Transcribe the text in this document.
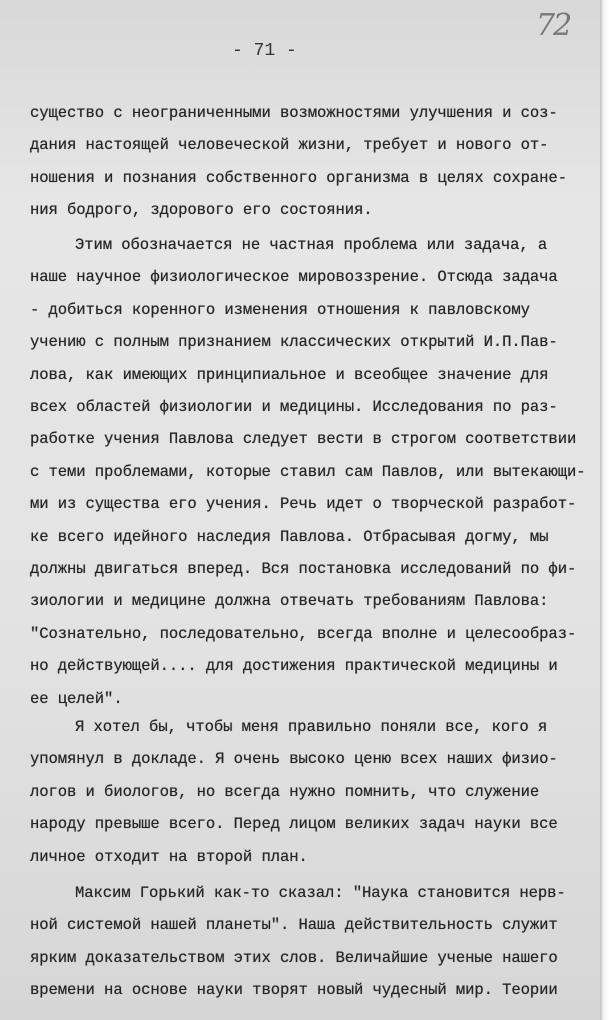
72
- 71 -
существо с неограниченными возможностями улучшения и соз-
дания настоящей человеческой жизни, требует и нового от-
ношения и познания собственного организма в целях сохране-
ния бодрого, здорового его состояния.
Этим обозначается не частная проблема или задача, а
наше научное физиологическое мировоззрение. Отсюда задача
- добиться коренного изменения отношения к павловскому
учению с полным признанием классических открытий И.П.Пав-
лова, как имеющих принципиальное и всеобщее значение для
всех областей физиологии и медицины. Исследования по раз-
работке учения Павлова следует вести в строгом соответствии
с теми проблемами, которые ставил сам Павлов, или вытекающи-
ми из существа его учения. Речь идет о творческой разработ-
ке всего идейного наследия Павлова. Отбрасывая догму, мы
должны двигаться вперед. Вся постановка исследований по фи-
зиологии и медицине должна отвечать требованиям Павлова:
"Сознательно, последовательно, всегда вполне и целесообраз-
но действующей.... для достижения практической медицины и
ее целей".
Я хотел бы, чтобы меня правильно поняли все, кого я
упомянул в докладе. Я очень высоко ценю всех наших физио-
логов и биологов, но всегда нужно помнить, что служение
народу превыше всего. Перед лицом великих задач науки все
личное отходит на второй план.
Максим Горький как-то сказал: "Наука становится нерв-
ной системой нашей планеты". Наша действительность служит
ярким доказательством этих слов. Величайшие ученые нашего
времени на основе науки творят новый чудесный мир. Теории
